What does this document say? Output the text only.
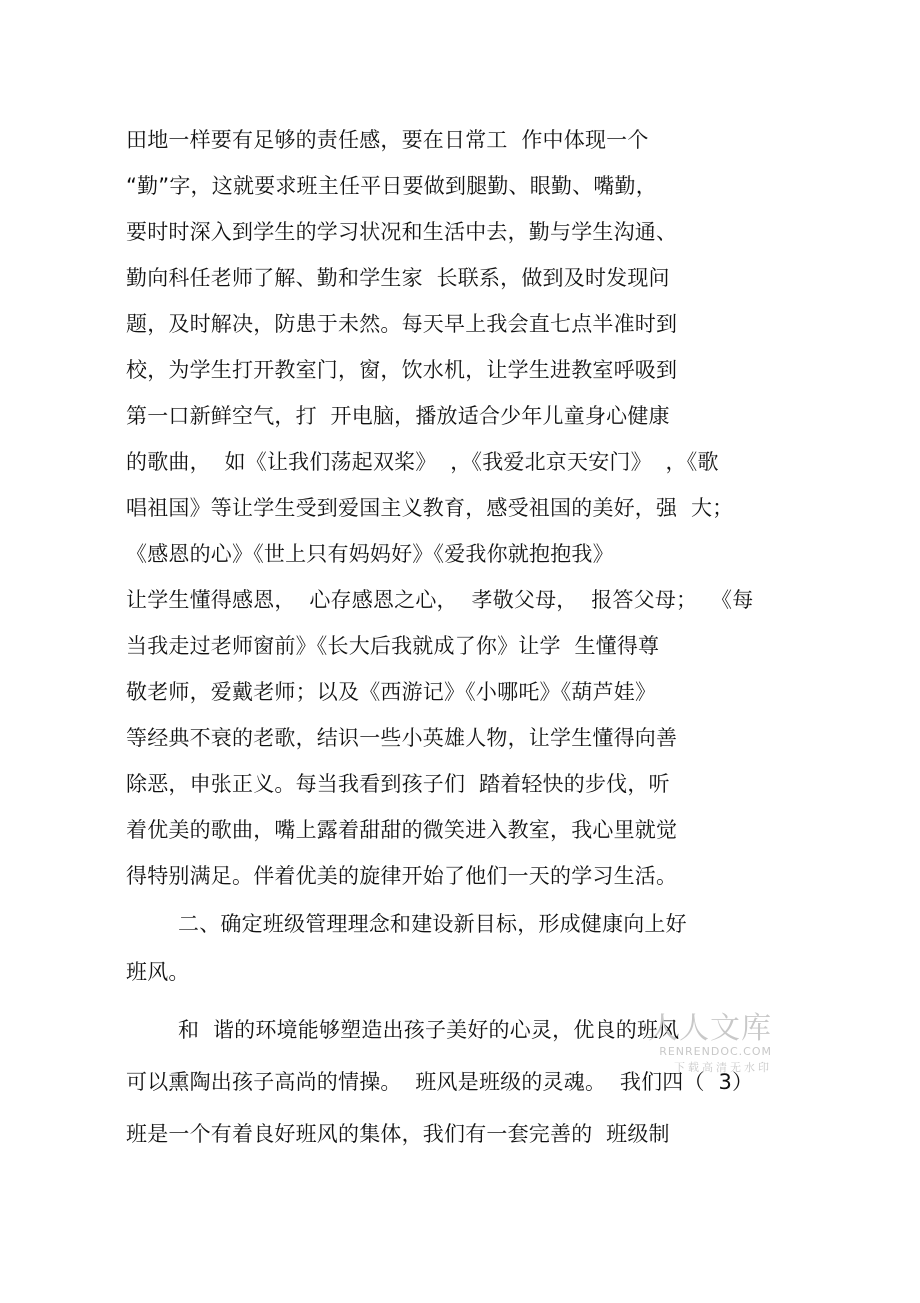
田地一样要有足够的责任感，要在日常工  作中体现一个
“勤”字，这就要求班主任平日要做到腿勤、眼勤、嘴勤，
要时时深入到学生的学习状况和生活中去，勤与学生沟通、
勤向科任老师了解、勤和学生家  长联系，做到及时发现问
题，及时解决，防患于未然。每天早上我会直七点半准时到
校，为学生打开教室门，窗，饮水机，让学生进教室呼吸到
第一口新鲜空气，打  开电脑，播放适合少年儿童身心健康
的歌曲，  如《让我们荡起双桨》  ，《我爱北京天安门》  ，《歌
唱祖国》等让学生受到爱国主义教育，感受祖国的美好，强  大；
《感恩的心》《世上只有妈妈好》《爱我你就抱抱我》
让学生懂得感恩，  心存感恩之心，  孝敬父母，  报答父母；  《每
当我走过老师窗前》《长大后我就成了你》让学  生懂得尊
敬老师，爱戴老师；以及《西游记》《小哪吒》《葫芦娃》
等经典不衰的老歌，结识一些小英雄人物，让学生懂得向善
除恶，申张正义。每当我看到孩子们  踏着轻快的步伐，听
着优美的歌曲，嘴上露着甜甜的微笑进入教室，我心里就觉
得特别满足。伴着优美的旋律开始了他们一天的学习生活。
二、确定班级管理理念和建设新目标，形成健康向上好
班风。
和  谐的环境能够塑造出孩子美好的心灵，优良的班风
可以熏陶出孩子高尚的情操。  班风是班级的灵魂。  我们四（  3）
班是一个有着良好班风的集体，我们有一套完善的  班级制
人人文库
RENRENDOC.COM
下载高清无水印
